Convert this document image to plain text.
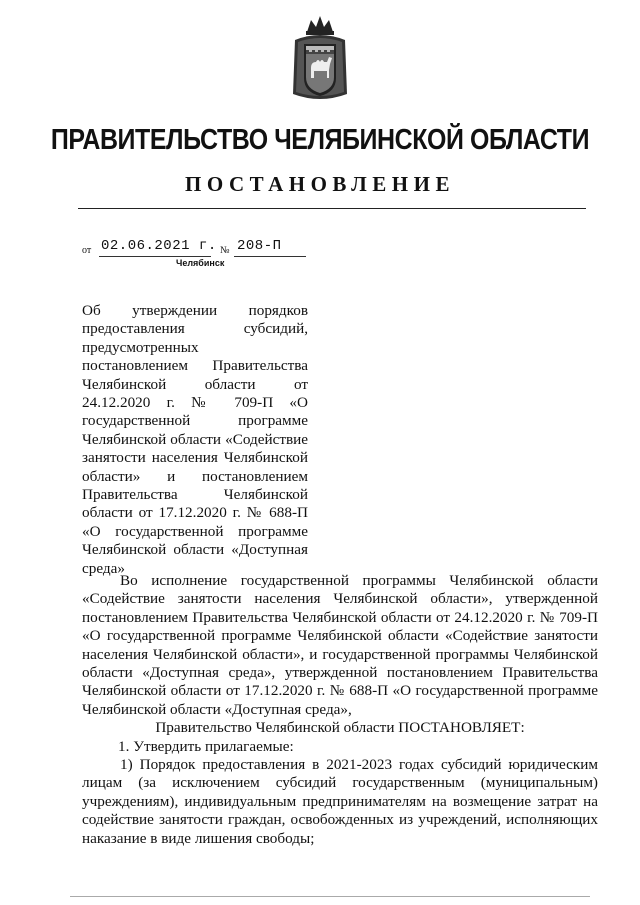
ПРАВИТЕЛЬСТВО ЧЕЛЯБИНСКОЙ ОБЛАСТИ
ПОСТАНОВЛЕНИЕ
от 02.06.2021 г. № 208-П
Челябинск
Об утверждении порядков предоставления субсидий, предусмотренных постановлением Правительства Челябинской области от 24.12.2020 г. № 709-П «О государственной программе Челябинской области «Содействие занятости населения Челябинской области» и постановлением Правительства Челябинской области от 17.12.2020 г. № 688-П «О государственной программе Челябинской области «Доступная
среда»

Во исполнение государственной программы Челябинской области «Содействие занятости населения Челябинской области», утвержденной постановлением Правительства Челябинской области от 24.12.2020 г. № 709-П «О государственной программе Челябинской области «Содействие занятости населения Челябинской области», и государственной программы Челябинской области «Доступная среда», утвержденной постановлением Правительства Челябинской области от 17.12.2020 г. № 688-П «О государственной программе Челябинской области «Доступная среда»,

Правительство Челябинской области ПОСТАНОВЛЯЕТ:

1. Утвердить прилагаемые:

1) Порядок предоставления в 2021-2023 годах субсидий юридическим лицам (за исключением субсидий государственным (муниципальным) учреждениям), индивидуальным предпринимателям на возмещение затрат на содействие занятости граждан, освобожденных из учреждений, исполняющих наказание в виде лишения свободы;
